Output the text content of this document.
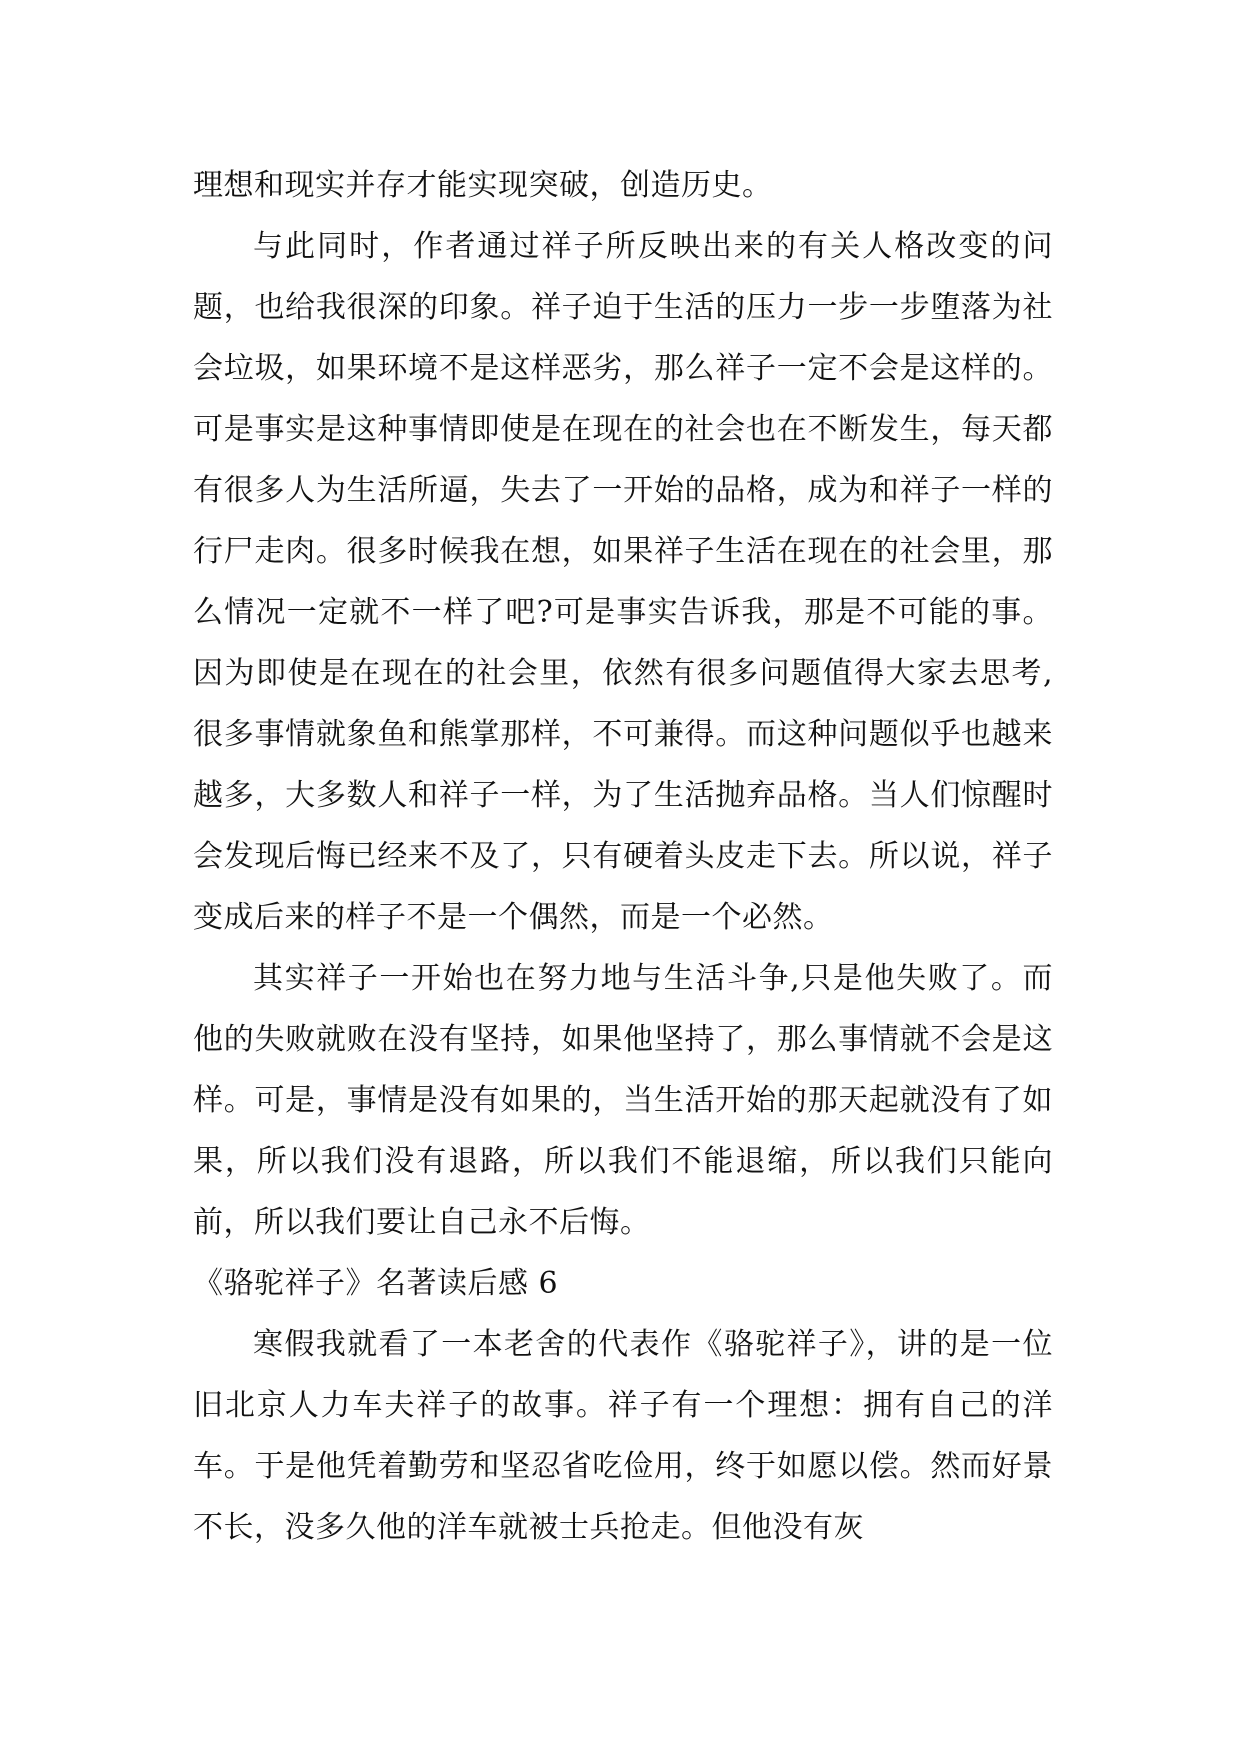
理想和现实并存才能实现突破，创造历史。

与此同时，作者通过祥子所反映出来的有关人格改变的问题，也给我很深的印象。祥子迫于生活的压力一步一步堕落为社会垃圾，如果环境不是这样恶劣，那么祥子一定不会是这样的。可是事实是这种事情即使是在现在的社会也在不断发生，每天都有很多人为生活所逼，失去了一开始的品格，成为和祥子一样的行尸走肉。很多时候我在想，如果祥子生活在现在的社会里，那么情况一定就不一样了吧?可是事实告诉我，那是不可能的事。因为即使是在现在的社会里，依然有很多问题值得大家去思考,很多事情就象鱼和熊掌那样，不可兼得。而这种问题似乎也越来越多，大多数人和祥子一样，为了生活抛弃品格。当人们惊醒时会发现后悔已经来不及了，只有硬着头皮走下去。所以说，祥子变成后来的样子不是一个偶然，而是一个必然。

其实祥子一开始也在努力地与生活斗争,只是他失败了。而他的失败就败在没有坚持，如果他坚持了，那么事情就不会是这样。可是，事情是没有如果的，当生活开始的那天起就没有了如果，所以我们没有退路，所以我们不能退缩，所以我们只能向前，所以我们要让自己永不后悔。

《骆驼祥子》名著读后感 6

寒假我就看了一本老舍的代表作《骆驼祥子》，讲的是一位旧北京人力车夫祥子的故事。祥子有一个理想：拥有自己的洋车。于是他凭着勤劳和坚忍省吃俭用，终于如愿以偿。然而好景不长，没多久他的洋车就被士兵抢走。但他没有灰
